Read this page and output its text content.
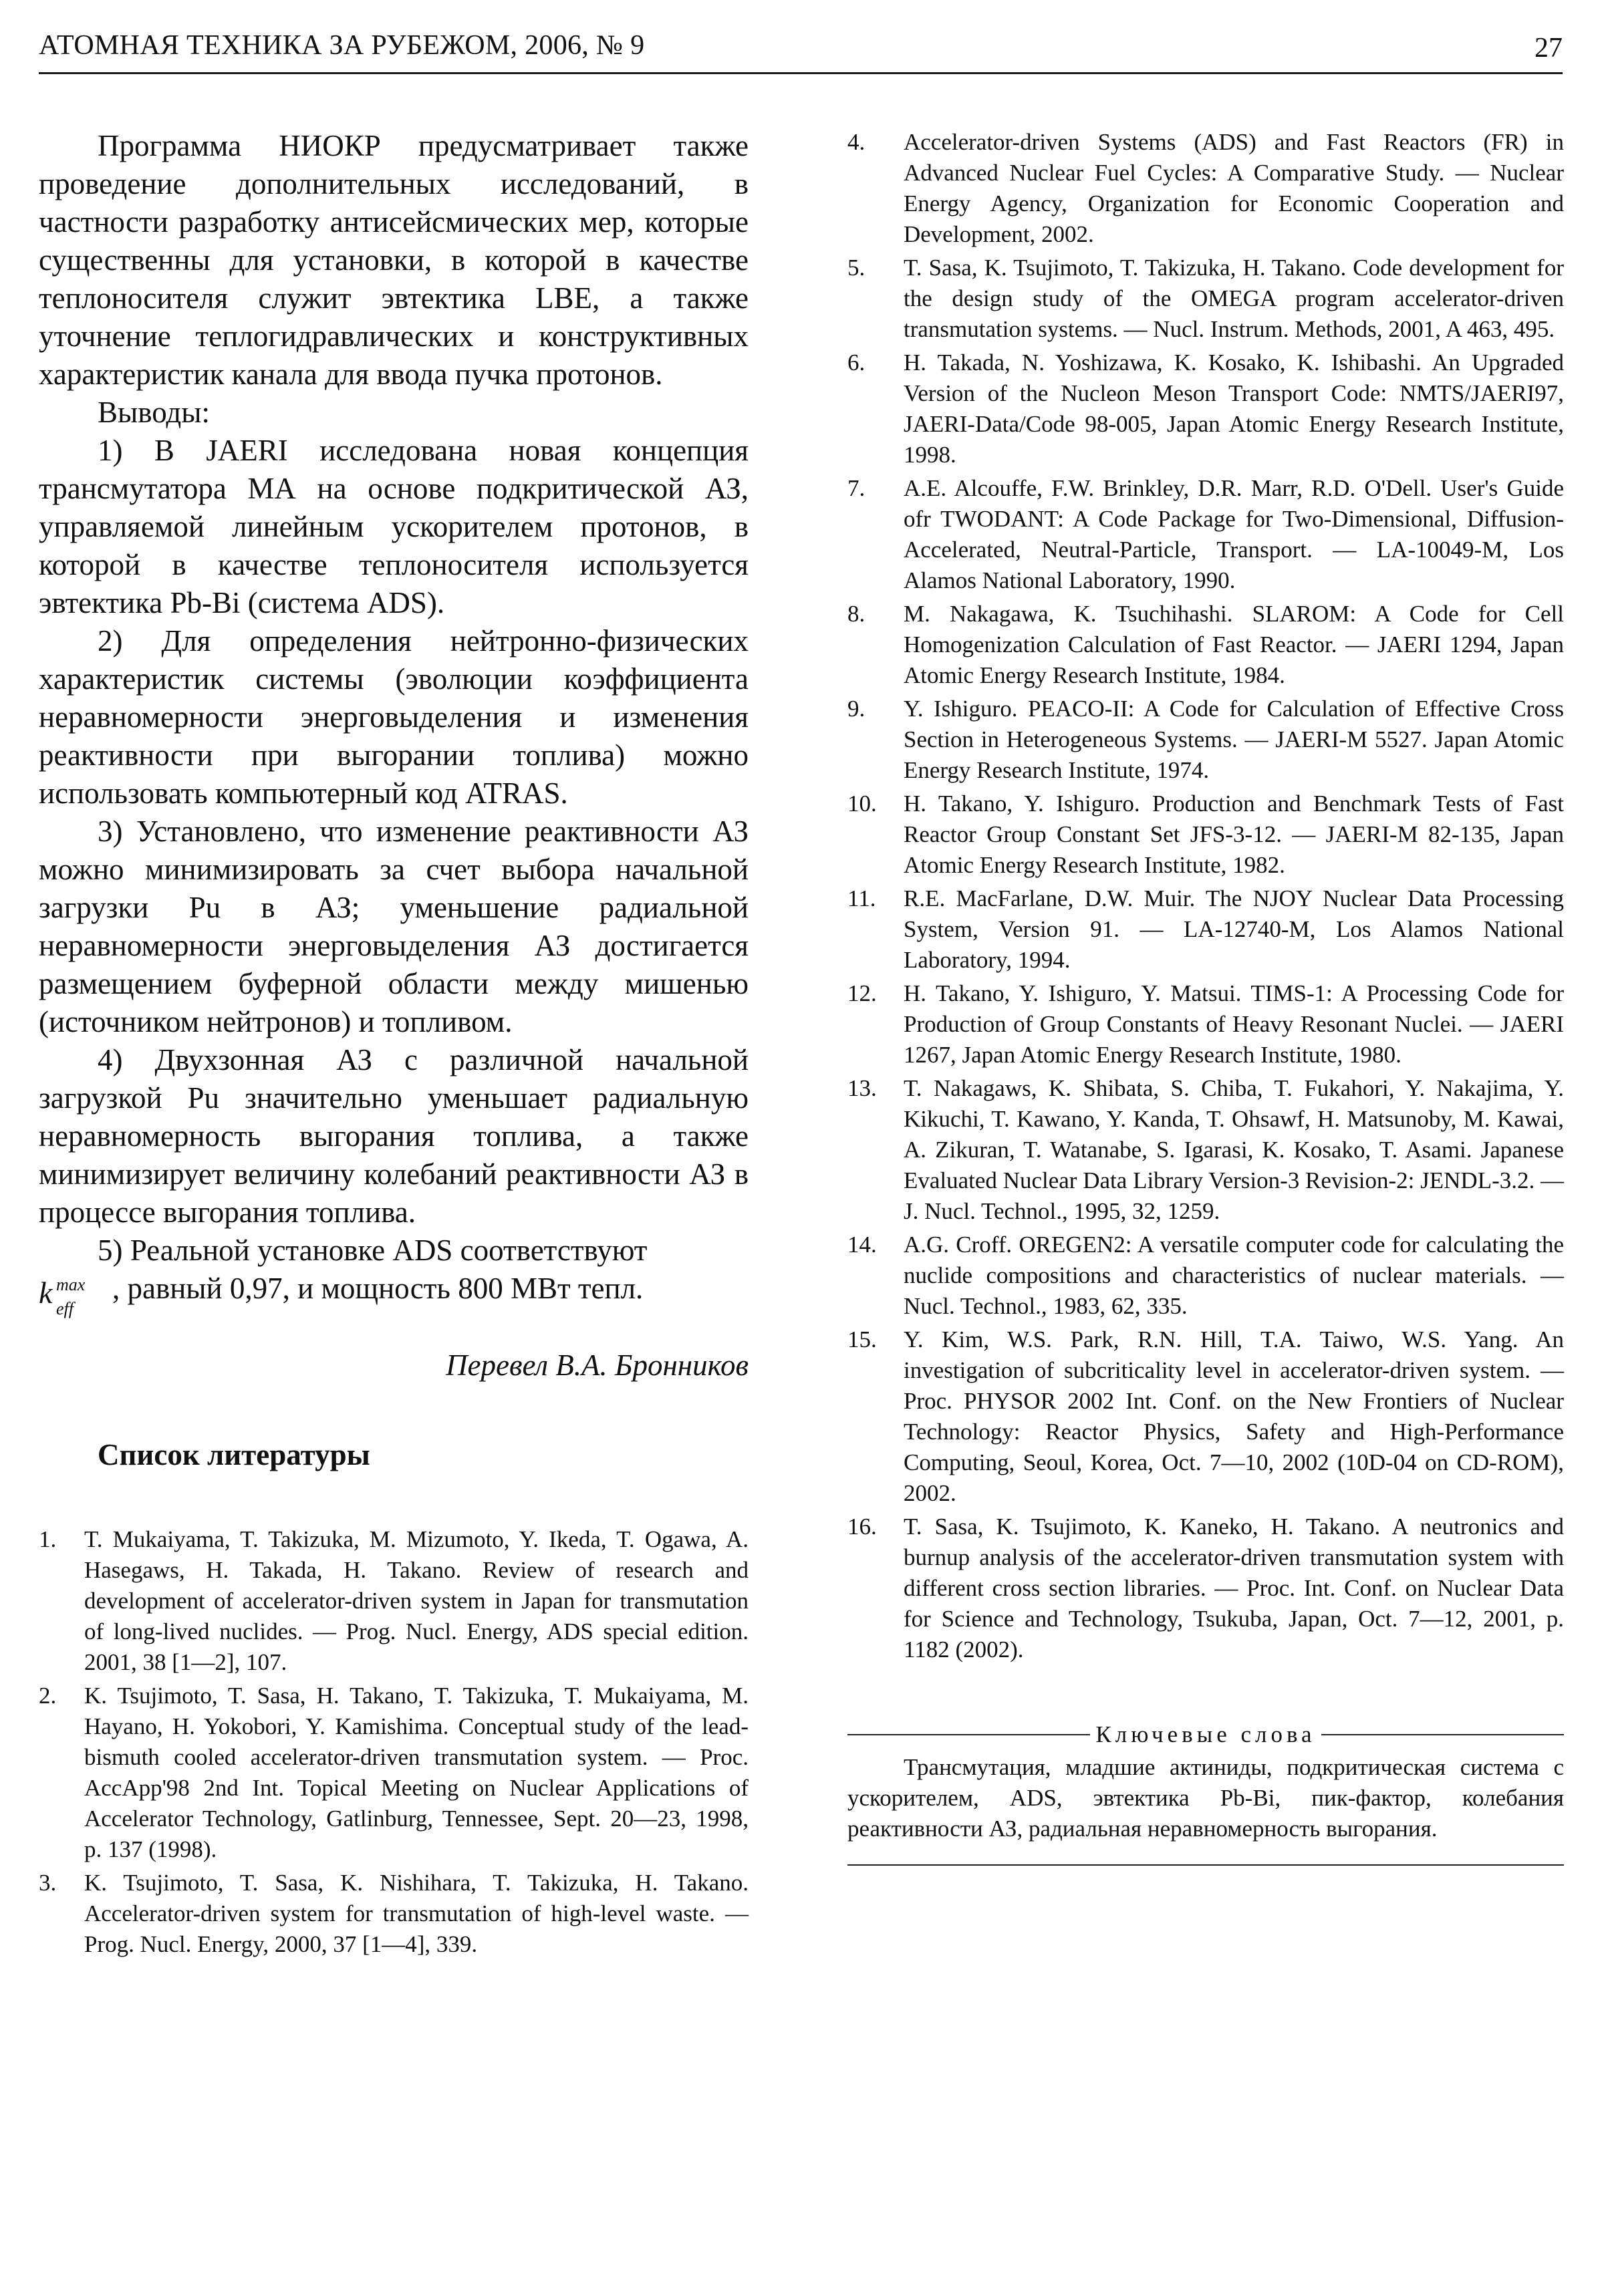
АТОМНАЯ ТЕХНИКА ЗА РУБЕЖОМ, 2006, № 9	27

Программа НИОКР предусматривает также проведение дополнительных исследований, в частности разработку антисейсмических мер, которые существенны для установки, в которой в качестве теплоносителя служит эвтектика LBE, а также уточнение теплогидравлических и конструктивных характеристик канала для ввода пучка протонов.

Выводы:

1) В JAERI исследована новая концепция трансмутатора МА на основе подкритической АЗ, управляемой линейным ускорителем протонов, в которой в качестве теплоносителя используется эвтектика Pb-Bi (система ADS).

2) Для определения нейтронно-физических характеристик системы (эволюции коэффициента неравномерности энерговыделения и изменения реактивности при выгорании топлива) можно использовать компьютерный код ATRAS.

3) Установлено, что изменение реактивности АЗ можно минимизировать за счет выбора начальной загрузки Pu в АЗ; уменьшение радиальной неравномерности энерговыделения АЗ достигается размещением буферной области между мишенью (источником нейтронов) и топливом.

4) Двухзонная АЗ с различной начальной загрузкой Pu значительно уменьшает радиальную неравномерность выгорания топлива, а также минимизирует величину колебаний реактивности АЗ в процессе выгорания топлива.

5) Реальной установке ADS соответствуют

k max
eff
, равный 0,97, и мощность 800 МВт тепл.

Перевел В.А. Бронников
Список литературы
1.	T. Mukaiyama, T. Takizuka, M. Mizumoto, Y. Ikeda, T. Ogawa, A. Hasegaws, H. Takada, H. Takano. Review of research and development of accelerator-driven system in Japan for transmutation of long-lived nuclides. — Prog. Nucl. Energy, ADS special edition. 2001, 38 [1—2], 107.
2.	K. Tsujimoto, T. Sasa, H. Takano, T. Takizuka, T. Mukaiyama, M. Hayano, H. Yokobori, Y. Kamishima. Conceptual study of the lead-bismuth cooled accelerator-driven transmutation system. — Proc. AccApp'98 2nd Int. Topical Meeting on Nuclear Applications of Accelerator Technology, Gatlinburg, Tennessee, Sept. 20—23, 1998, p. 137 (1998).
3.	K. Tsujimoto, T. Sasa, K. Nishihara, T. Takizuka, H. Takano. Accelerator-driven system for transmutation of high-level waste. — Prog. Nucl. Energy, 2000, 37 [1—4], 339.
4.	Accelerator-driven Systems (ADS) and Fast Reactors (FR) in Advanced Nuclear Fuel Cycles: A Comparative Study. — Nuclear Energy Agency, Organization for Economic Cooperation and Development, 2002.
5.	T. Sasa, K. Tsujimoto, T. Takizuka, H. Takano. Code development for the design study of the OMEGA program accelerator-driven transmutation systems. — Nucl. Instrum. Methods, 2001, A 463, 495.
6.	H. Takada, N. Yoshizawa, K. Kosako, K. Ishibashi. An Upgraded Version of the Nucleon Meson Transport Code: NMTS/JAERI97, JAERI-Data/Code 98-005, Japan Atomic Energy Research Institute, 1998.
7.	A.E. Alcouffe, F.W. Brinkley, D.R. Marr, R.D. O'Dell. User's Guide ofr TWODANT: A Code Package for Two-Dimensional, Diffusion-Accelerated, Neutral-Particle, Transport. — LA-10049-M, Los Alamos National Laboratory, 1990.
8.	M. Nakagawa, K. Tsuchihashi. SLAROM: A Code for Cell Homogenization Calculation of Fast Reactor. — JAERI 1294, Japan Atomic Energy Research Institute, 1984.
9.	Y. Ishiguro. PEACO-II: A Code for Calculation of Effective Cross Section in Heterogeneous Systems. — JAERI-M 5527. Japan Atomic Energy Research Institute, 1974.
10.	H. Takano, Y. Ishiguro. Production and Benchmark Tests of Fast Reactor Group Constant Set JFS-3-12. — JAERI-M 82-135, Japan Atomic Energy Research Institute, 1982.
11.	R.E. MacFarlane, D.W. Muir. The NJOY Nuclear Data Processing System, Version 91. — LA-12740-M, Los Alamos National Laboratory, 1994.
12.	H. Takano, Y. Ishiguro, Y. Matsui. TIMS-1: A Processing Code for Production of Group Constants of Heavy Resonant Nuclei. — JAERI 1267, Japan Atomic Energy Research Institute, 1980.
13.	T. Nakagaws, K. Shibata, S. Chiba, T. Fukahori, Y. Nakajima, Y. Kikuchi, T. Kawano, Y. Kanda, T. Ohsawf, H. Matsunoby, M. Kawai, A. Zikuran, T. Watanabe, S. Igarasi, K. Kosako, T. Asami. Japanese Evaluated Nuclear Data Library Version-3 Revision-2: JENDL-3.2. — J. Nucl. Technol., 1995, 32, 1259.
14.	A.G. Croff. OREGEN2: A versatile computer code for calculating the nuclide compositions and characteristics of nuclear materials. — Nucl. Technol., 1983, 62, 335.
15.	Y. Kim, W.S. Park, R.N. Hill, T.A. Taiwo, W.S. Yang. An investigation of subcriticality level in accelerator-driven system. — Proc. PHYSOR 2002 Int. Conf. on the New Frontiers of Nuclear Technology: Reactor Physics, Safety and High-Performance Computing, Seoul, Korea, Oct. 7—10, 2002 (10D-04 on CD-ROM), 2002.
16.	T. Sasa, K. Tsujimoto, K. Kaneko, H. Takano. A neutronics and burnup analysis of the accelerator-driven transmutation system with different cross section libraries. — Proc. Int. Conf. on Nuclear Data for Science and Technology, Tsukuba, Japan, Oct. 7—12, 2001, p. 1182 (2002).
Ключевые слова
Трансмутация, младшие актиниды, подкритическая система с ускорителем, ADS, эвтектика Pb-Bi, пик-фактор, колебания реактивности АЗ, радиальная неравномерность выгорания.
